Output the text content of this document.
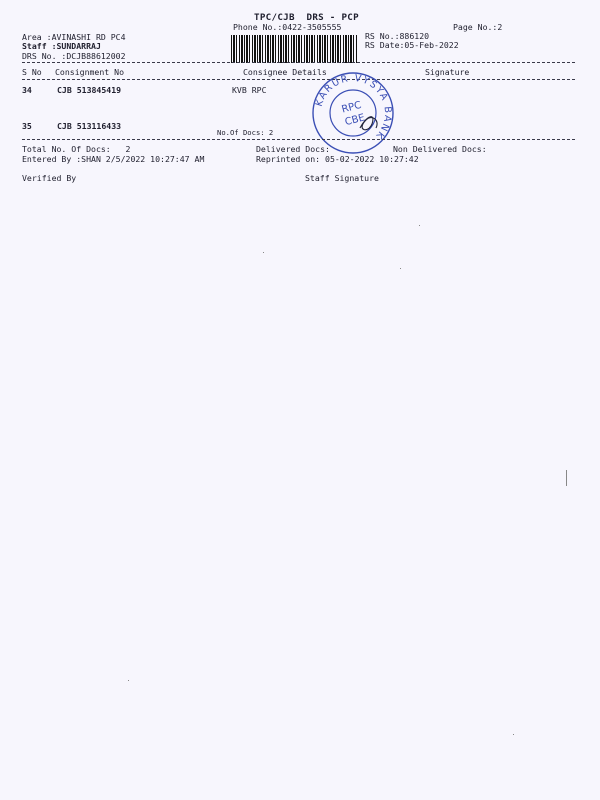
TPC/CJB  DRS - PCP
Phone No.:0422-3505555	Page No.:2
Area :AVINASHI RD PC4
Staff :SUNDARRAJ
DRS No. :DCJB88612002
RS No.:886120
RS Date:05-Feb-2022
S No Consignment No	Consignee Details	Signature
34	CJB 513845419	KVB RPC
35	CJB 513116433
No.Of Docs: 2
KARUR VYSYA BANK
RPC
CBE
Total No. Of Docs:   2	Delivered Docs:	Non Delivered Docs:
Entered By :SHAN 2/5/2022 10:27:47 AM	Reprinted on: 05-02-2022 10:27:42
Verified By	Staff Signature
